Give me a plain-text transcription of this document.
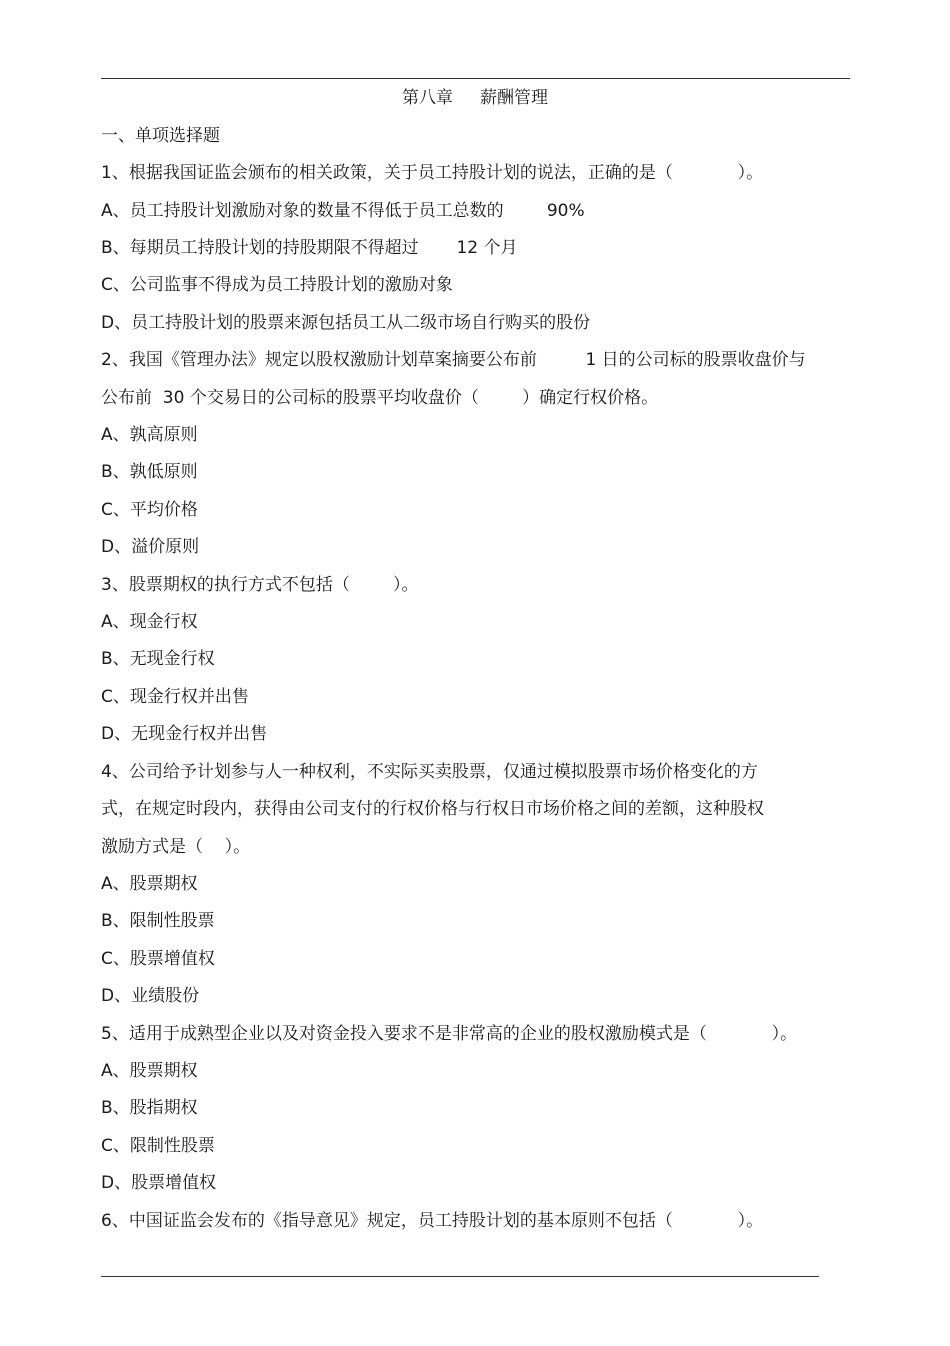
第八章     薪酬管理
一、单项选择题
1、根据我国证监会颁布的相关政策，关于员工持股计划的说法，正确的是（            ）。
A、员工持股计划激励对象的数量不得低于员工总数的        90%
B、每期员工持股计划的持股期限不得超过       12 个月
C、公司监事不得成为员工持股计划的激励对象
D、员工持股计划的股票来源包括员工从二级市场自行购买的股份
2、我国《管理办法》规定以股权激励计划草案摘要公布前         1 日的公司标的股票收盘价与
公布前  30 个交易日的公司标的股票平均收盘价（        ）确定行权价格。
A、孰高原则
B、孰低原则
C、平均价格
D、溢价原则
3、股票期权的执行方式不包括（        ）。
A、现金行权
B、无现金行权
C、现金行权并出售
D、无现金行权并出售
4、公司给予计划参与人一种权利，不实际买卖股票，仅通过模拟股票市场价格变化的方
式，在规定时段内，获得由公司支付的行权价格与行权日市场价格之间的差额，这种股权
激励方式是（    ）。
A、股票期权
B、限制性股票
C、股票增值权
D、业绩股份
5、适用于成熟型企业以及对资金投入要求不是非常高的企业的股权激励模式是（            ）。
A、股票期权
B、股指期权
C、限制性股票
D、股票增值权
6、中国证监会发布的《指导意见》规定，员工持股计划的基本原则不包括（            ）。
